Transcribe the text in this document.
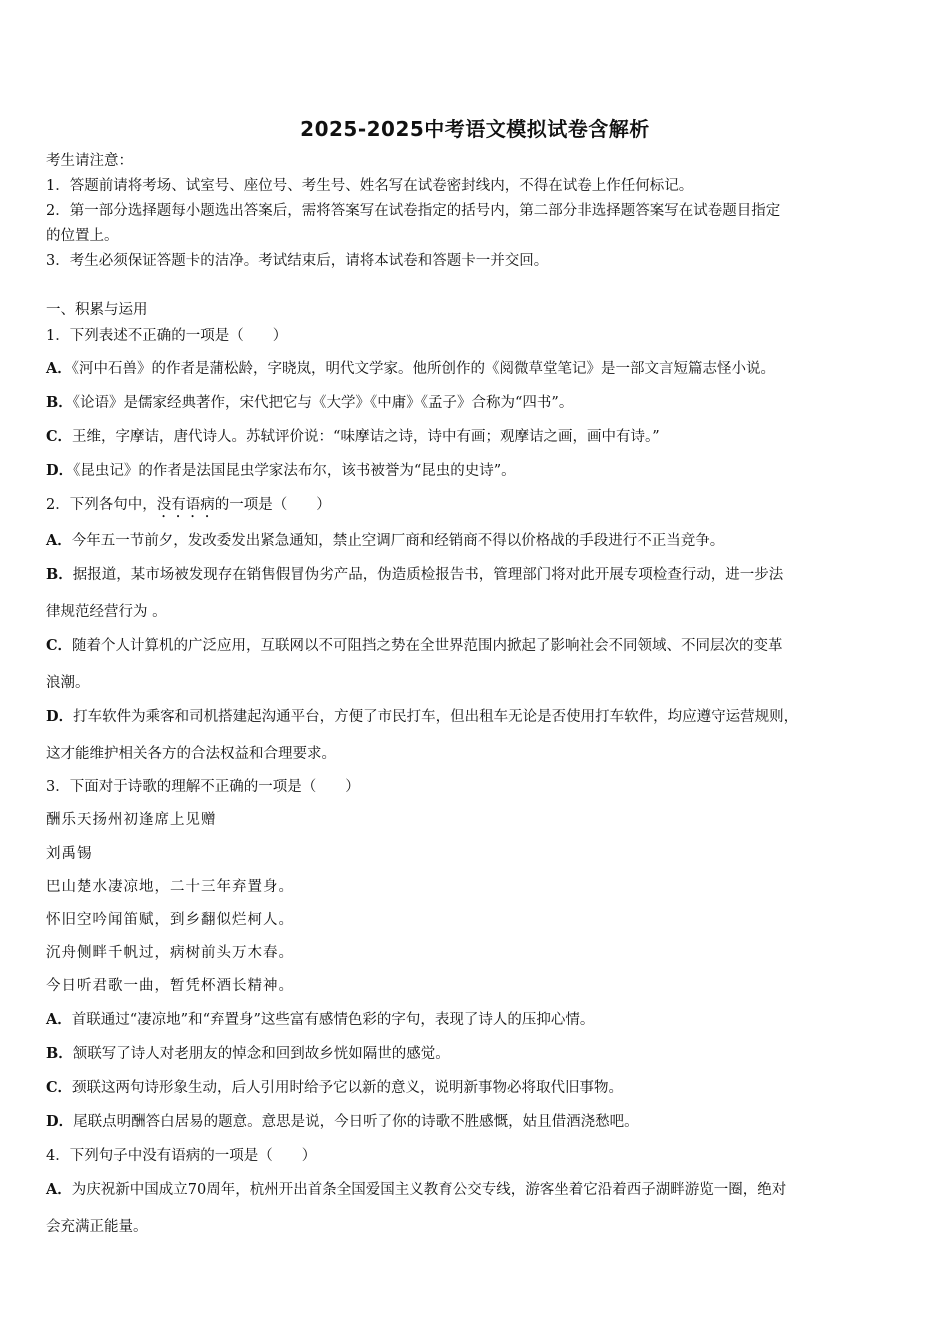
2025-2025中考语文模拟试卷含解析
考生请注意：
1．答题前请将考场、试室号、座位号、考生号、姓名写在试卷密封线内，不得在试卷上作任何标记。
2．第一部分选择题每小题选出答案后，需将答案写在试卷指定的括号内，第二部分非选择题答案写在试卷题目指定
的位置上。
3．考生必须保证答题卡的洁净。考试结束后，请将本试卷和答题卡一并交回。
一、积累与运用
1．下列表述不正确的一项是（　　）
A．《河中石兽》的作者是蒲松龄，字晓岚，明代文学家。他所创作的《阅微草堂笔记》是一部文言短篇志怪小说。
B．《论语》是儒家经典著作，宋代把它与《大学》《中庸》《孟子》合称为“四书”。
C．王维，字摩诘，唐代诗人。苏轼评价说：“味摩诘之诗，诗中有画；观摩诘之画，画中有诗。”
D．《昆虫记》的作者是法国昆虫学家法布尔，该书被誉为“昆虫的史诗”。
2．下列各句中，没有语病的一项是（　　）
A．今年五一节前夕，发改委发出紧急通知，禁止空调厂商和经销商不得以价格战的手段进行不正当竞争。
B．据报道，某市场被发现存在销售假冒伪劣产品，伪造质检报告书，管理部门将对此开展专项检查行动，进一步法
律规范经营行为 。
C．随着个人计算机的广泛应用，互联网以不可阻挡之势在全世界范围内掀起了影响社会不同领域、不同层次的变革
浪潮。
D．打车软件为乘客和司机搭建起沟通平台，方便了市民打车，但出租车无论是否使用打车软件，均应遵守运营规则，
这才能维护相关各方的合法权益和合理要求。
3．下面对于诗歌的理解不正确的一项是（　　）
酬乐天扬州初逢席上见赠
刘禹锡
巴山楚水凄凉地，二十三年弃置身。
怀旧空吟闻笛赋，到乡翻似烂柯人。
沉舟侧畔千帆过，病树前头万木春。
今日听君歌一曲，暂凭杯酒长精神。
A．首联通过“凄凉地”和“弃置身”这些富有感情色彩的字句，表现了诗人的压抑心情。
B．颔联写了诗人对老朋友的悼念和回到故乡恍如隔世的感觉。
C．颈联这两句诗形象生动，后人引用时给予它以新的意义，说明新事物必将取代旧事物。
D．尾联点明酬答白居易的题意。意思是说，今日听了你的诗歌不胜感慨，姑且借酒浇愁吧。
4．下列句子中没有语病的一项是（　　）
A．为庆祝新中国成立70周年，杭州开出首条全国爱国主义教育公交专线，游客坐着它沿着西子湖畔游览一圈，绝对
会充满正能量。
